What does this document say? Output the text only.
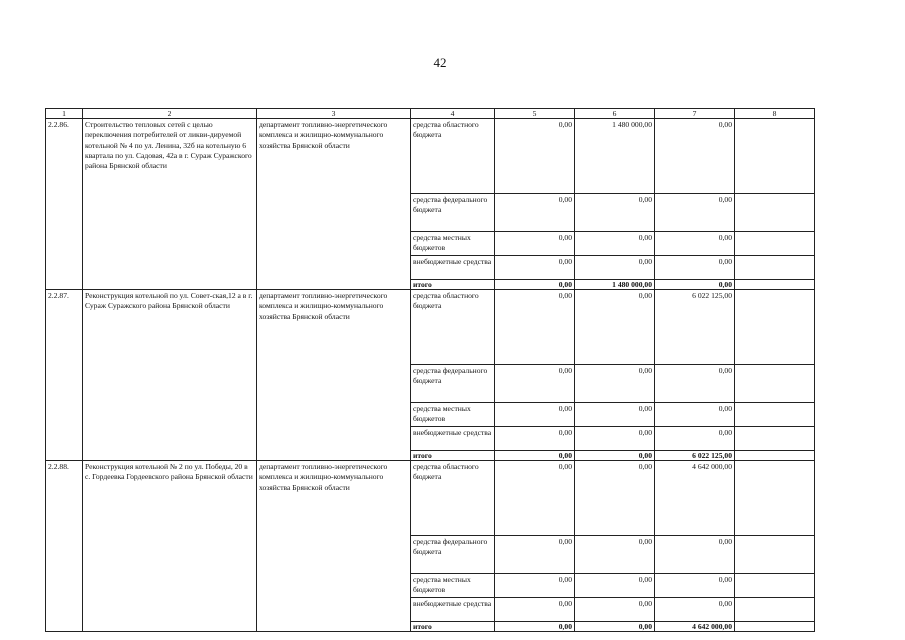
42
1	2	3	4	5	6	7	8
2.2.86.	Строительство тепловых сетей с целью переключения потребителей от ликви-дируемой котельной № 4 по ул. Ленина, 32б на котельную 6 квартала по ул. Садовая, 42а в г. Сураж Суражского района Брянской области	департамент топливно-энергетического комплекса и жилищно-коммунального хозяйства Брянской области	средства областного бюджета	0,00	1 480 000,00	0,00	
			средства федерального бюджета	0,00	0,00	0,00	
			средства местных бюджетов	0,00	0,00	0,00	
			внебюджетные средства	0,00	0,00	0,00	
			итого	0,00	1 480 000,00	0,00	
2.2.87.	Реконструкция котельной по ул. Совет-ская,12 а в г. Сураж Суражского района Брянской области	департамент топливно-энергетического комплекса и жилищно-коммунального хозяйства Брянской области	средства областного бюджета	0,00	0,00	6 022 125,00	
			средства федерального бюджета	0,00	0,00	0,00	
			средства местных бюджетов	0,00	0,00	0,00	
			внебюджетные средства	0,00	0,00	0,00	
			итого	0,00	0,00	6 022 125,00	
2.2.88.	Реконструкция котельной № 2 по ул. Победы, 20 в с. Гордеевка Гордеевского района Брянской области	департамент топливно-энергетического комплекса и жилищно-коммунального хозяйства Брянской области	средства областного бюджета	0,00	0,00	4 642 000,00	
			средства федерального бюджета	0,00	0,00	0,00	
			средства местных бюджетов	0,00	0,00	0,00	
			внебюджетные средства	0,00	0,00	0,00	
			итого	0,00	0,00	4 642 000,00	
